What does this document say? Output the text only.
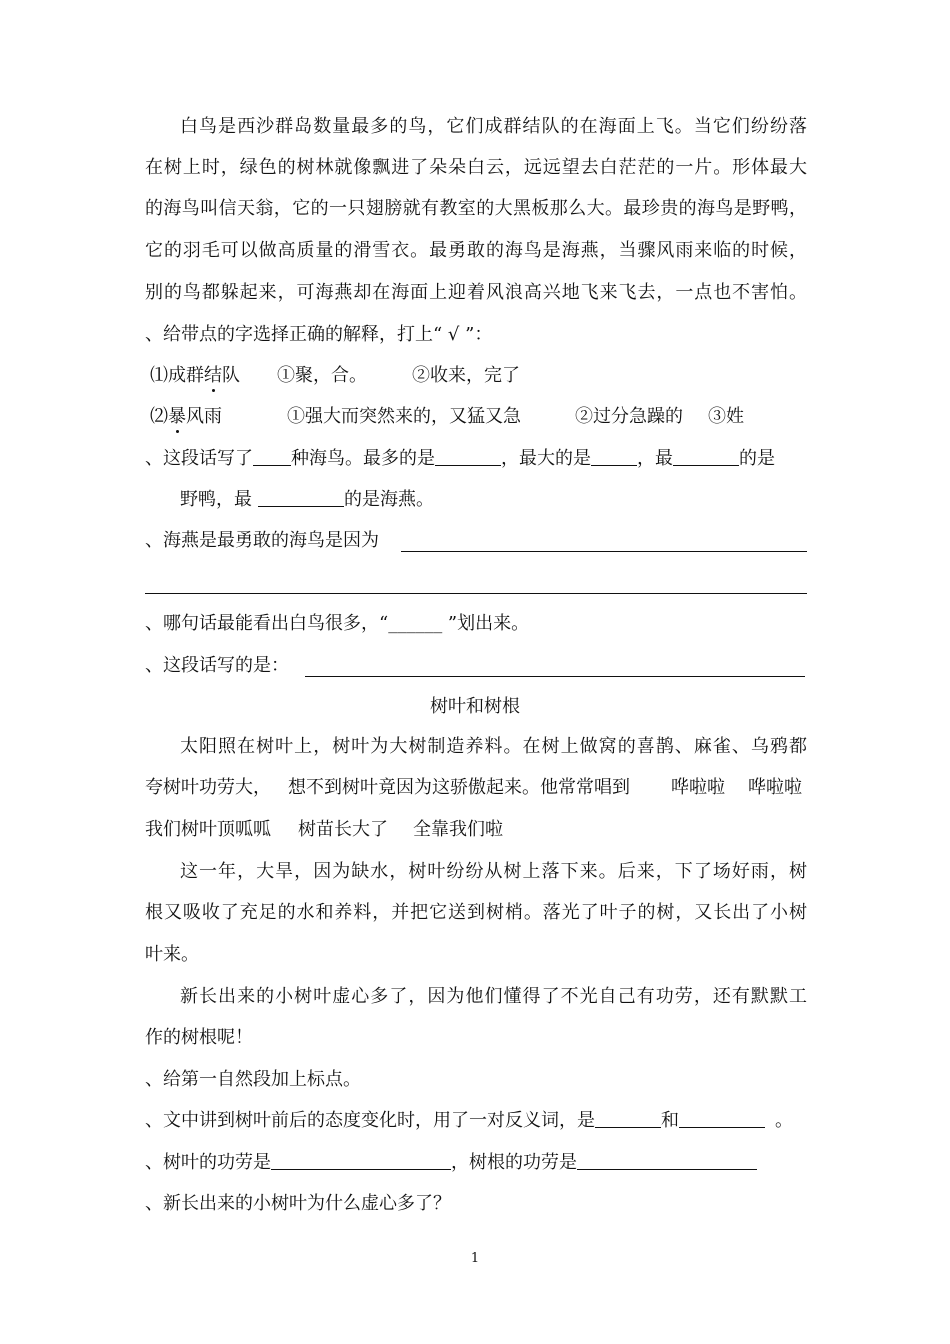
白鸟是西沙群岛数量最多的鸟，它们成群结队的在海面上飞。当它们纷纷落
在树上时，绿色的树林就像飘进了朵朵白云，远远望去白茫茫的一片。形体最大
的海鸟叫信天翁，它的一只翅膀就有教室的大黑板那么大。最珍贵的海鸟是野鸭，
它的羽毛可以做高质量的滑雪衣。最勇敢的海鸟是海燕，当骤风雨来临的时候，
别的鸟都躲起来，可海燕却在海面上迎着风浪高兴地飞来飞去，一点也不害怕。
、给带点的字选择正确的解释，打上“ √ ”：
⑴成群结队 ①聚，合。	②收来，完了
⑵暴风雨	①强大而突然来的，又猛又急	②过分急躁的 ③姓
、这段话写了 种海鸟。最多的是	，最大的是	，最	的是
野鸭，最	的是海燕。
、海燕是最勇敢的海鸟是因为
、哪句话最能看出白鸟很多，“______ ”划出来。
、这段话写的是：
树叶和树根
太阳照在树叶上，树叶为大树制造养料。在树上做窝的喜鹊、麻雀、乌鸦都
夸树叶功劳大， 想不到树叶竟因为这骄傲起来。他常常唱到 哗啦啦 哗啦啦
我们树叶顶呱呱 树苗长大了 全靠我们啦
这一年，大旱，因为缺水，树叶纷纷从树上落下来。后来，下了场好雨，树
根又吸收了充足的水和养料，并把它送到树梢。落光了叶子的树，又长出了小树
叶来。
新长出来的小树叶虚心多了，因为他们懂得了不光自己有功劳，还有默默工
作的树根呢！
、给第一自然段加上标点。
、文中讲到树叶前后的态度变化时，用了一对反义词，是	和	。
、树叶的功劳是	，树根的功劳是
、新长出来的小树叶为什么虚心多了？
1
